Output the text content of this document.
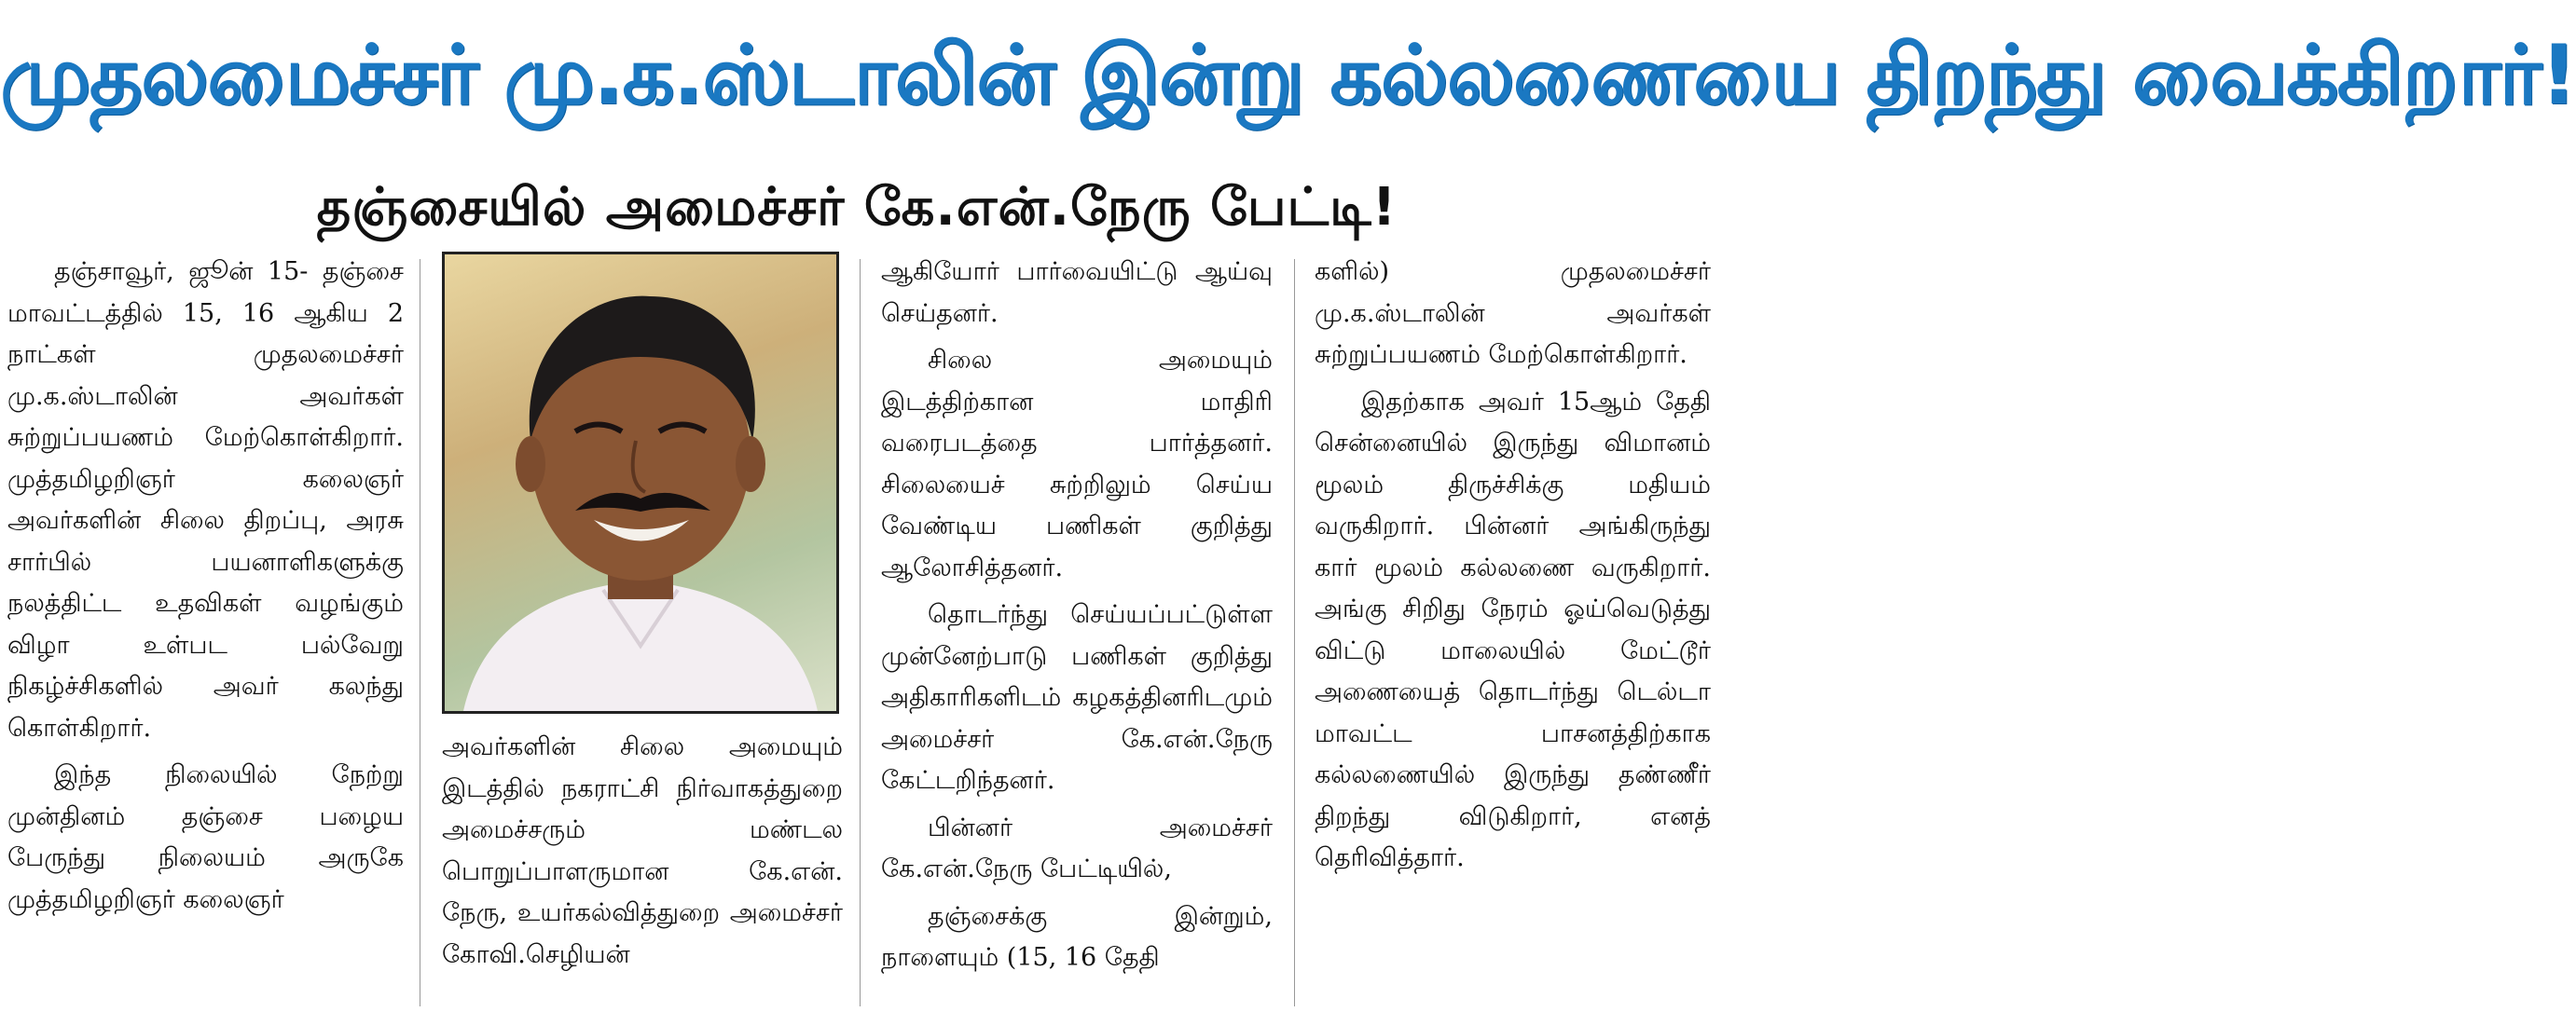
முதலமைச்சர் மு.க.ஸ்டாலின் இன்று கல்லணையை திறந்து வைக்கிறார்!
தஞ்சையில் அமைச்சர் கே.என்.நேரு பேட்டி!

தஞ்சாவூர், ஜூன் 15- தஞ்சை மாவட்டத்தில் 15, 16 ஆகிய 2 நாட்கள் முதலமைச்சர் மு.க.ஸ்டாலின் அவர்கள் சுற்றுப்பயணம் மேற்கொள்கிறார். முத்தமிழறிஞர் கலைஞர் அவர்களின் சிலை திறப்பு, அரசு சார்பில் பயனாளிகளுக்கு நலத்திட்ட உதவிகள் வழங்கும் விழா உள்பட பல்வேறு நிகழ்ச்சிகளில் அவர் கலந்து கொள்கிறார்.

இந்த நிலையில் நேற்று முன்தினம் தஞ்சை பழைய பேருந்து நிலையம் அருகே முத்தமிழறிஞர் கலைஞர்

அவர்களின் சிலை அமையும் இடத்தில் நகராட்சி நிர்வாகத்துறை அமைச்சரும் மண்டல பொறுப்பாளருமான கே.என். நேரு, உயர்கல்வித்துறை அமைச்சர் கோவி.செழியன்

ஆகியோர் பார்வையிட்டு ஆய்வு செய்தனர்.

சிலை அமையும் இடத்திற்கான மாதிரி வரைபடத்தை பார்த்தனர். சிலையைச் சுற்றிலும் செய்ய வேண்டிய பணிகள் குறித்து ஆலோசித்தனர்.

தொடர்ந்து செய்யப்பட்டுள்ள முன்னேற்பாடு பணிகள் குறித்து அதிகாரிகளிடம் கழகத்தினரிடமும் அமைச்சர் கே.என்.நேரு கேட்டறிந்தனர்.

பின்னர் அமைச்சர் கே.என்.நேரு பேட்டியில்,

தஞ்சைக்கு இன்றும், நாளையும் (15, 16 தேதி

களில்) முதலமைச்சர் மு.க.ஸ்டாலின் அவர்கள் சுற்றுப்பயணம் மேற்கொள்கிறார்.

இதற்காக அவர் 15ஆம் தேதி சென்னையில் இருந்து விமானம் மூலம் திருச்சிக்கு மதியம் வருகிறார். பின்னர் அங்கிருந்து கார் மூலம் கல்லணை வருகிறார். அங்கு சிறிது நேரம் ஓய்வெடுத்து விட்டு மாலையில் மேட்டூர் அணையைத் தொடர்ந்து டெல்டா மாவட்ட பாசனத்திற்காக கல்லணையில் இருந்து தண்ணீர் திறந்து விடுகிறார், எனத் தெரிவித்தார்.
